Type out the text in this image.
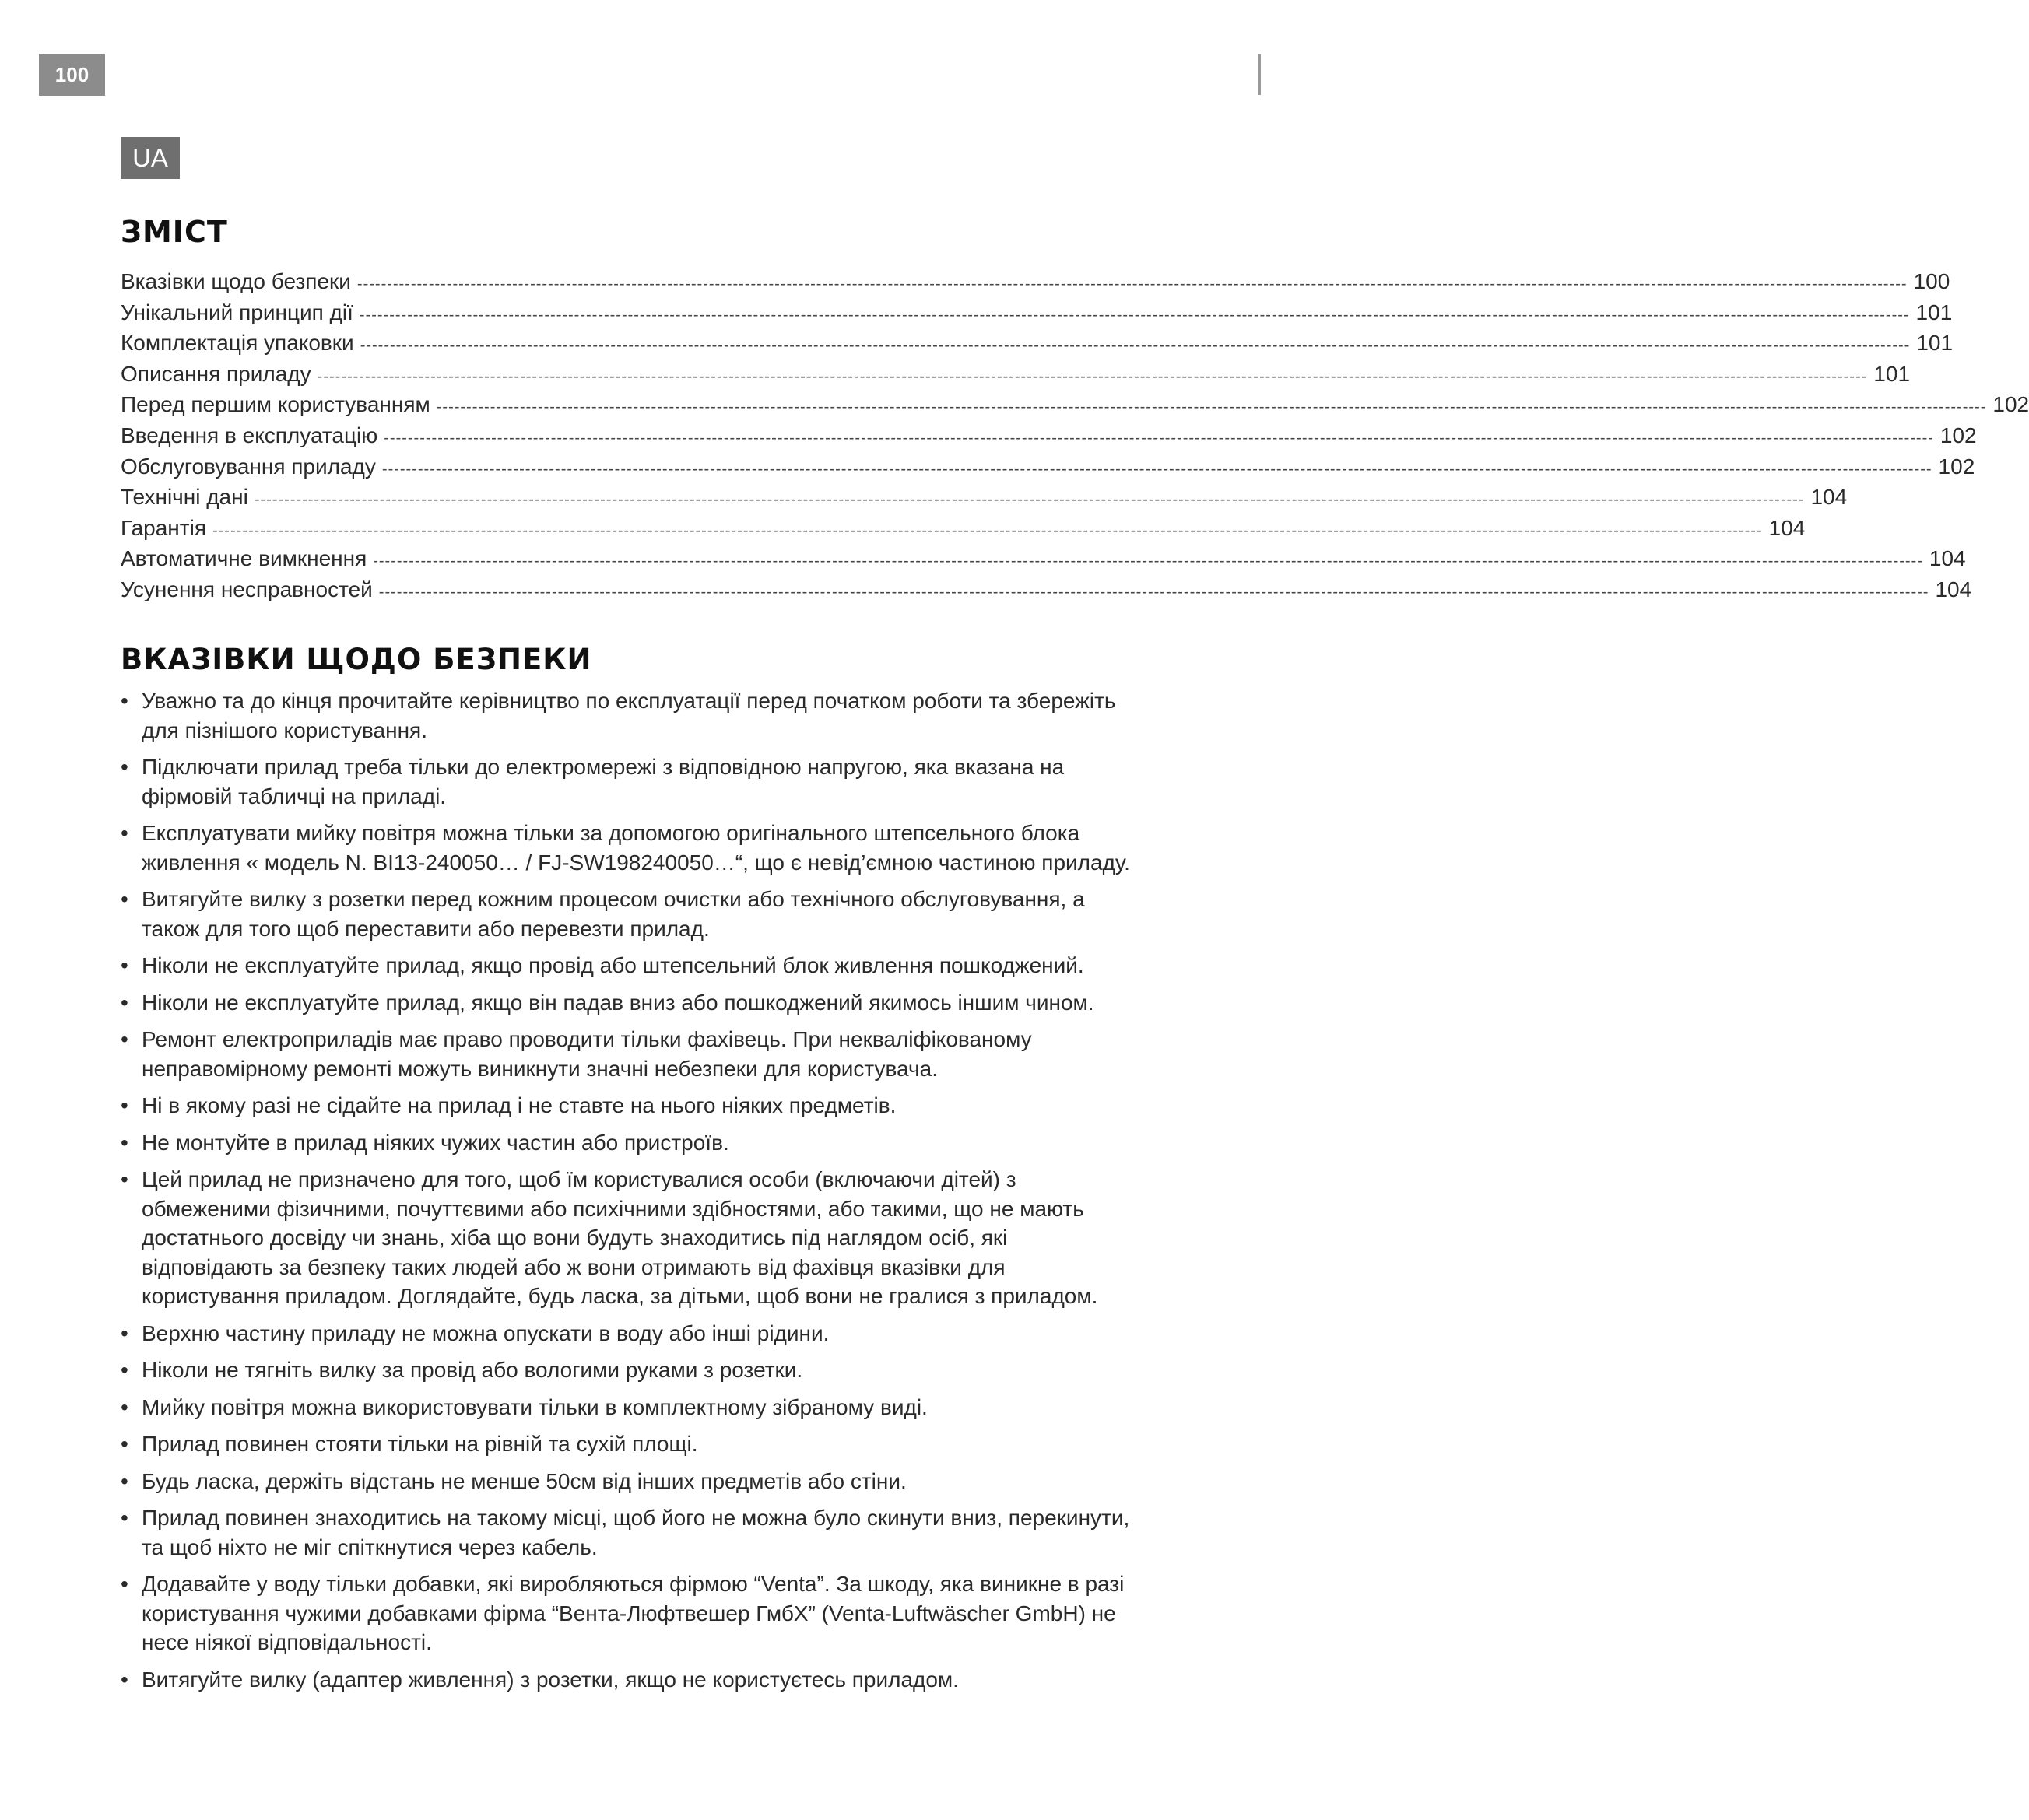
100
UA
ЗМІСТ
Вказівки щодо безпеки -------------------------------------------------------------------------------------------------------------------------------------------------------------------------------------------------------------------------------------------------------------------- 100
Унікальний принцип дії -------------------------------------------------------------------------------------------------------------------------------------------------------------------------------------------------------------------------------------------------------------------- 101
Комплектація упаковки -------------------------------------------------------------------------------------------------------------------------------------------------------------------------------------------------------------------------------------------------------------------- 101
Описання приладу -------------------------------------------------------------------------------------------------------------------------------------------------------------------------------------------------------------------------------------------------------------------- 101
Перед першим користуванням -------------------------------------------------------------------------------------------------------------------------------------------------------------------------------------------------------------------------------------------------------------------- 102
Введення в експлуатацію -------------------------------------------------------------------------------------------------------------------------------------------------------------------------------------------------------------------------------------------------------------------- 102
Обслуговування приладу -------------------------------------------------------------------------------------------------------------------------------------------------------------------------------------------------------------------------------------------------------------------- 102
Технічні дані -------------------------------------------------------------------------------------------------------------------------------------------------------------------------------------------------------------------------------------------------------------------- 104
Гарантія -------------------------------------------------------------------------------------------------------------------------------------------------------------------------------------------------------------------------------------------------------------------- 104
Автоматичне вимкнення -------------------------------------------------------------------------------------------------------------------------------------------------------------------------------------------------------------------------------------------------------------------- 104
Усунення несправностей -------------------------------------------------------------------------------------------------------------------------------------------------------------------------------------------------------------------------------------------------------------------- 104
ВКАЗІВКИ ЩОДО БЕЗПЕКИ
• Уважно та до кінця прочитайте керівництво по експлуатації перед початком роботи та збережіть для пізнішого користування.
• Підключати прилад треба тільки до електромережі з відповідною напругою, яка вказана на фірмовій табличці на приладі.
• Експлуатувати мийку повітря можна тільки за допомогою оригінального штепсельного блока живлення « модель N. BI13-240050… / FJ-SW198240050…“, що є невід’ємною частиною приладу.
• Витягуйте вилку з розетки перед кожним процесом очистки або технічного обслуговування, а також для того щоб переставити або перевезти прилад.
• Ніколи не експлуатуйте прилад, якщо провід або штепсельний блок живлення пошкоджений.
• Ніколи не експлуатуйте прилад, якщо він падав вниз або пошкоджений якимось іншим чином.
• Ремонт електроприладів має право проводити тільки фахівець. При некваліфікованому неправомірному ремонті можуть виникнути значні небезпеки для користувача.
• Ні в якому разі не сідайте на прилад і не ставте на нього ніяких предметів.
• Не монтуйте в прилад ніяких чужих частин або пристроїв.
• Цей прилад не призначено для того, щоб їм користувалися особи (включаючи дітей) з обмеженими фізичними, почуттєвими або психічними здібностями, або такими, що не мають достатнього досвіду чи знань, хіба що вони будуть знаходитись під наглядом осіб, які відповідають за безпеку таких людей або ж вони отримають від фахівця вказівки для користування приладом. Доглядайте, будь ласка, за дітьми, щоб вони не гралися з приладом.
• Верхню частину приладу не можна опускати в воду або інші рідини.
• Ніколи не тягніть вилку за провід або вологими руками з розетки.
• Мийку повітря можна використовувати тільки в комплектному зібраному виді.
• Прилад повинен стояти тільки на рівній та сухій площі.
• Будь ласка, держіть відстань не менше 50см від інших предметів або стіни.
• Прилад повинен знаходитись на такому місці, щоб його не можна було скинути вниз, перекинути, та щоб ніхто не міг спіткнутися через кабель.
• Додавайте у воду тільки добавки, які виробляються фірмою “Venta”. За шкоду, яка виникне в разі користування чужими добавками фірма “Вента-Люфтвешер ГмбХ” (Venta-Luftwäscher GmbH) не несе ніякої відповідальності.
• Витягуйте вилку (адаптер живлення) з розетки, якщо не користуєтесь приладом.
